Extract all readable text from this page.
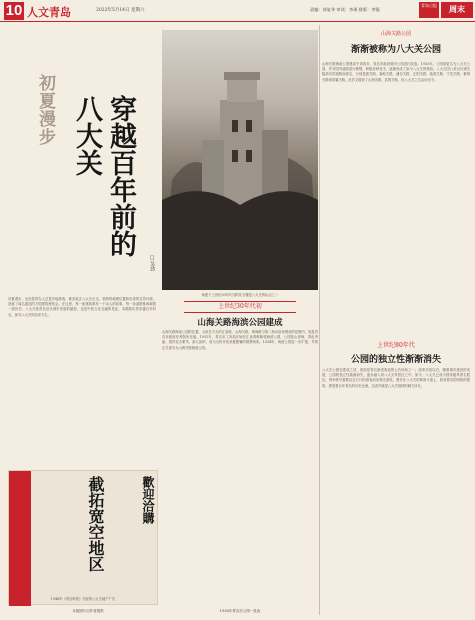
10 人文青岛	2022年5月14日 星期六	责编：郭复华 审读：李瑛 排版：李锟
青岛日报	周末
初夏漫步	穿越百年前的八大关
□吴劲
始建于上世纪30年代初的花石楼是八大关的标志之一
初夏漫步，无论是青岛人还是外地游客，都喜欢去八大关走走。独特的地理位置和优美的自然环境，造就了闻名遐迩的万国建筑博览会。在这里，每一座建筑都有一个动人的故事，每一条道路都承载着一段历史。八大关是青岛近代城市发展的缩影，也是中西文化交融的见证。本期我们将穿越百年时光，探寻八大关的前世今生。
上世纪30年代初
山海关路海滨公园建成
山海关路海滨公园的位置，大致在今天的汇泉路、山海关路、黄海路与第二海水浴场围成的范围内，现是青岛市政府疗养院所在地。1931年，青岛市工务局开始在汇泉湾畔修建海滨公园，公园依山傍海，景色秀丽，园内花木繁茂，游人如织，成为当时市民消夏避暑的理想场所。1934年，海滨公园进一步扩建，并被正式命名为山海关路海滨公园。
截拓宽空地区	歡迎洽購
1948年《青岛时报》刊登的八大关地产广告
本版图片由作者提供	1936年青岛市公园一览表
山海关路公园
渐渐被称为八大关公园
山海关路海滨公园建成不到四年，青岛市政府便对公园进行改造。1935年，公园被更名为八大关公园，并对园内道路进行修整，种植各种花木，逐渐形成了如今八大关的格局。八大关因八条以长城关隘命名的道路而得名，分别是韶关路、嘉峪关路、涵谷关路、正阳关路、临淮关路、宁武关路、紫荆关路和居庸关路。此后又增加了山海关路、武胜关路，但八大关之名沿用至今。
上世纪80年代
公园的独立性渐渐消失
八大关公园在建成之初，曾经是青岛最受欢迎的公共场所之一。改革开放以后，随着城市建设的发展，公园的独立性渐渐消失，逐步融入到八大关风景区之中。如今，八大关已成为国家级风景名胜区，每年吸引着数以百万计的游客前来观光游览。漫步在八大关的林荫小道上，欣赏着各国风格的建筑，感受着百年青岛的历史沧桑，这或许就是八大关独特的魅力所在。
